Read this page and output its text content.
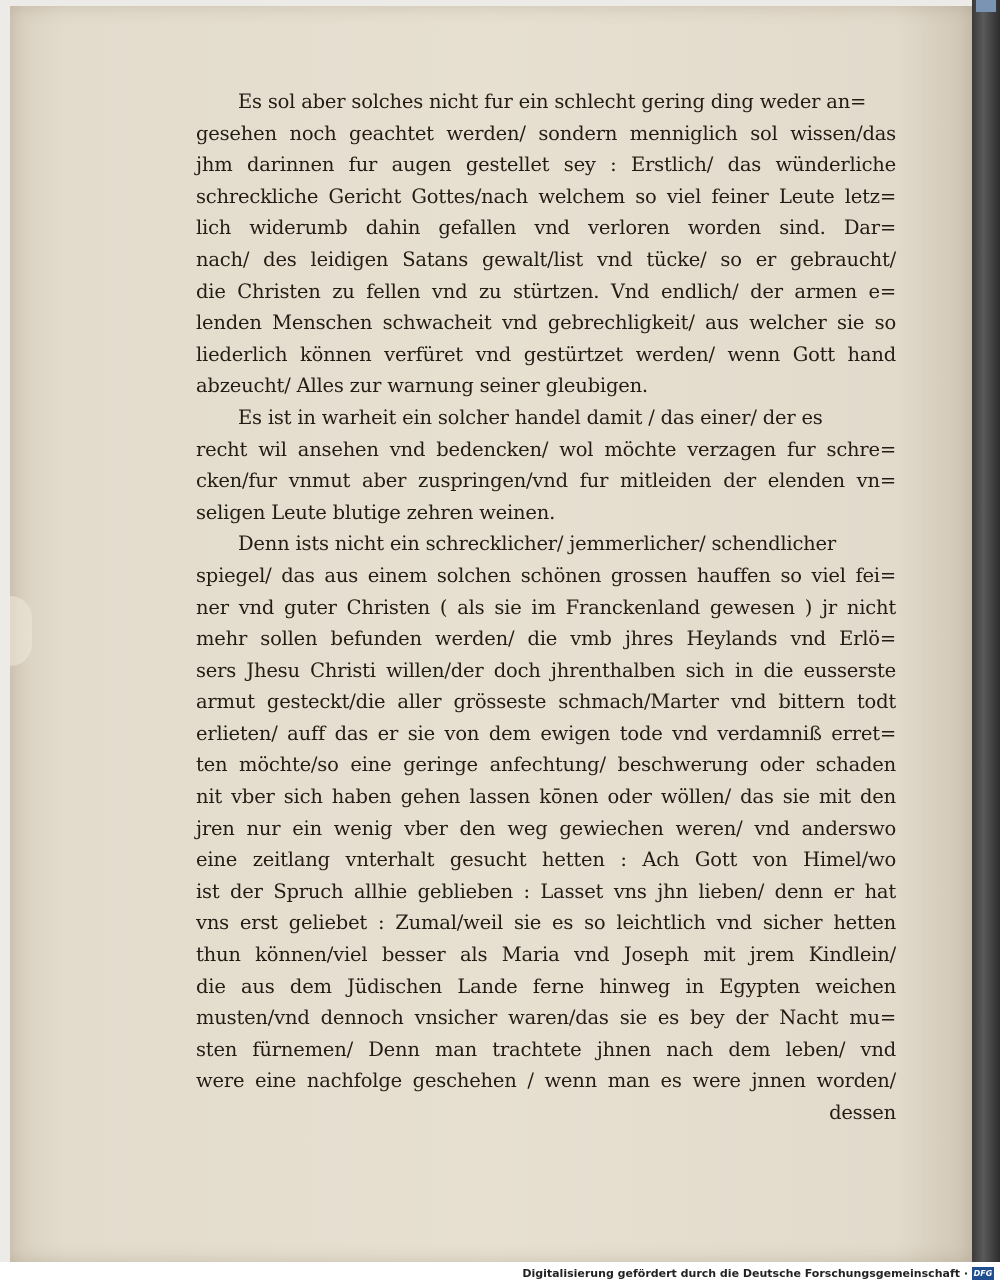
Es sol aber solches nicht fur ein schlecht gering ding weder an=
gesehen noch geachtet werden/ sondern menniglich sol wissen/das
jhm darinnen fur augen gestellet sey : Erstlich/ das wünderliche
schreckliche Gericht Gottes/nach welchem so viel feiner Leute letz=
lich widerumb dahin gefallen vnd verloren worden sind. Dar=
nach/ des leidigen Satans gewalt/list vnd tücke/ so er gebraucht/
die Christen zu fellen vnd zu stürtzen. Vnd endlich/ der armen e=
lenden Menschen schwacheit vnd gebrechligkeit/ aus welcher sie so
liederlich können verfüret vnd gestürtzet werden/ wenn Gott hand
abzeucht/ Alles zur warnung seiner gleubigen.
Es ist in warheit ein solcher handel damit / das einer/ der es
recht wil ansehen vnd bedencken/ wol möchte verzagen fur schre=
cken/fur vnmut aber zuspringen/vnd fur mitleiden der elenden vn=
seligen Leute blutige zehren weinen.
Denn ists nicht ein schrecklicher/ jemmerlicher/ schendlicher
spiegel/ das aus einem solchen schönen grossen hauffen so viel fei=
ner vnd guter Christen ( als sie im Franckenland gewesen ) jr nicht
mehr sollen befunden werden/ die vmb jhres Heylands vnd Erlö=
sers Jhesu Christi willen/der doch jhrenthalben sich in die eusserste
armut gesteckt/die aller grösseste schmach/Marter vnd bittern todt
erlieten/ auff das er sie von dem ewigen tode vnd verdamniß erret=
ten möchte/so eine geringe anfechtung/ beschwerung oder schaden
nit vber sich haben gehen lassen kōnen oder wöllen/ das sie mit den
jren nur ein wenig vber den weg gewiechen weren/ vnd anderswo
eine zeitlang vnterhalt gesucht hetten : Ach Gott von Himel/wo
ist der Spruch allhie geblieben : Lasset vns jhn lieben/ denn er hat
vns erst geliebet : Zumal/weil sie es so leichtlich vnd sicher hetten
thun können/viel besser als Maria vnd Joseph mit jrem Kindlein/
die aus dem Jüdischen Lande ferne hinweg in Egypten weichen
musten/vnd dennoch vnsicher waren/das sie es bey der Nacht mu=
sten fürnemen/ Denn man trachtete jhnen nach dem leben/ vnd
were eine nachfolge geschehen / wenn man es were jnnen worden/
dessen
Digitalisierung gefördert durch die Deutsche Forschungsgemeinschaft · DFG
